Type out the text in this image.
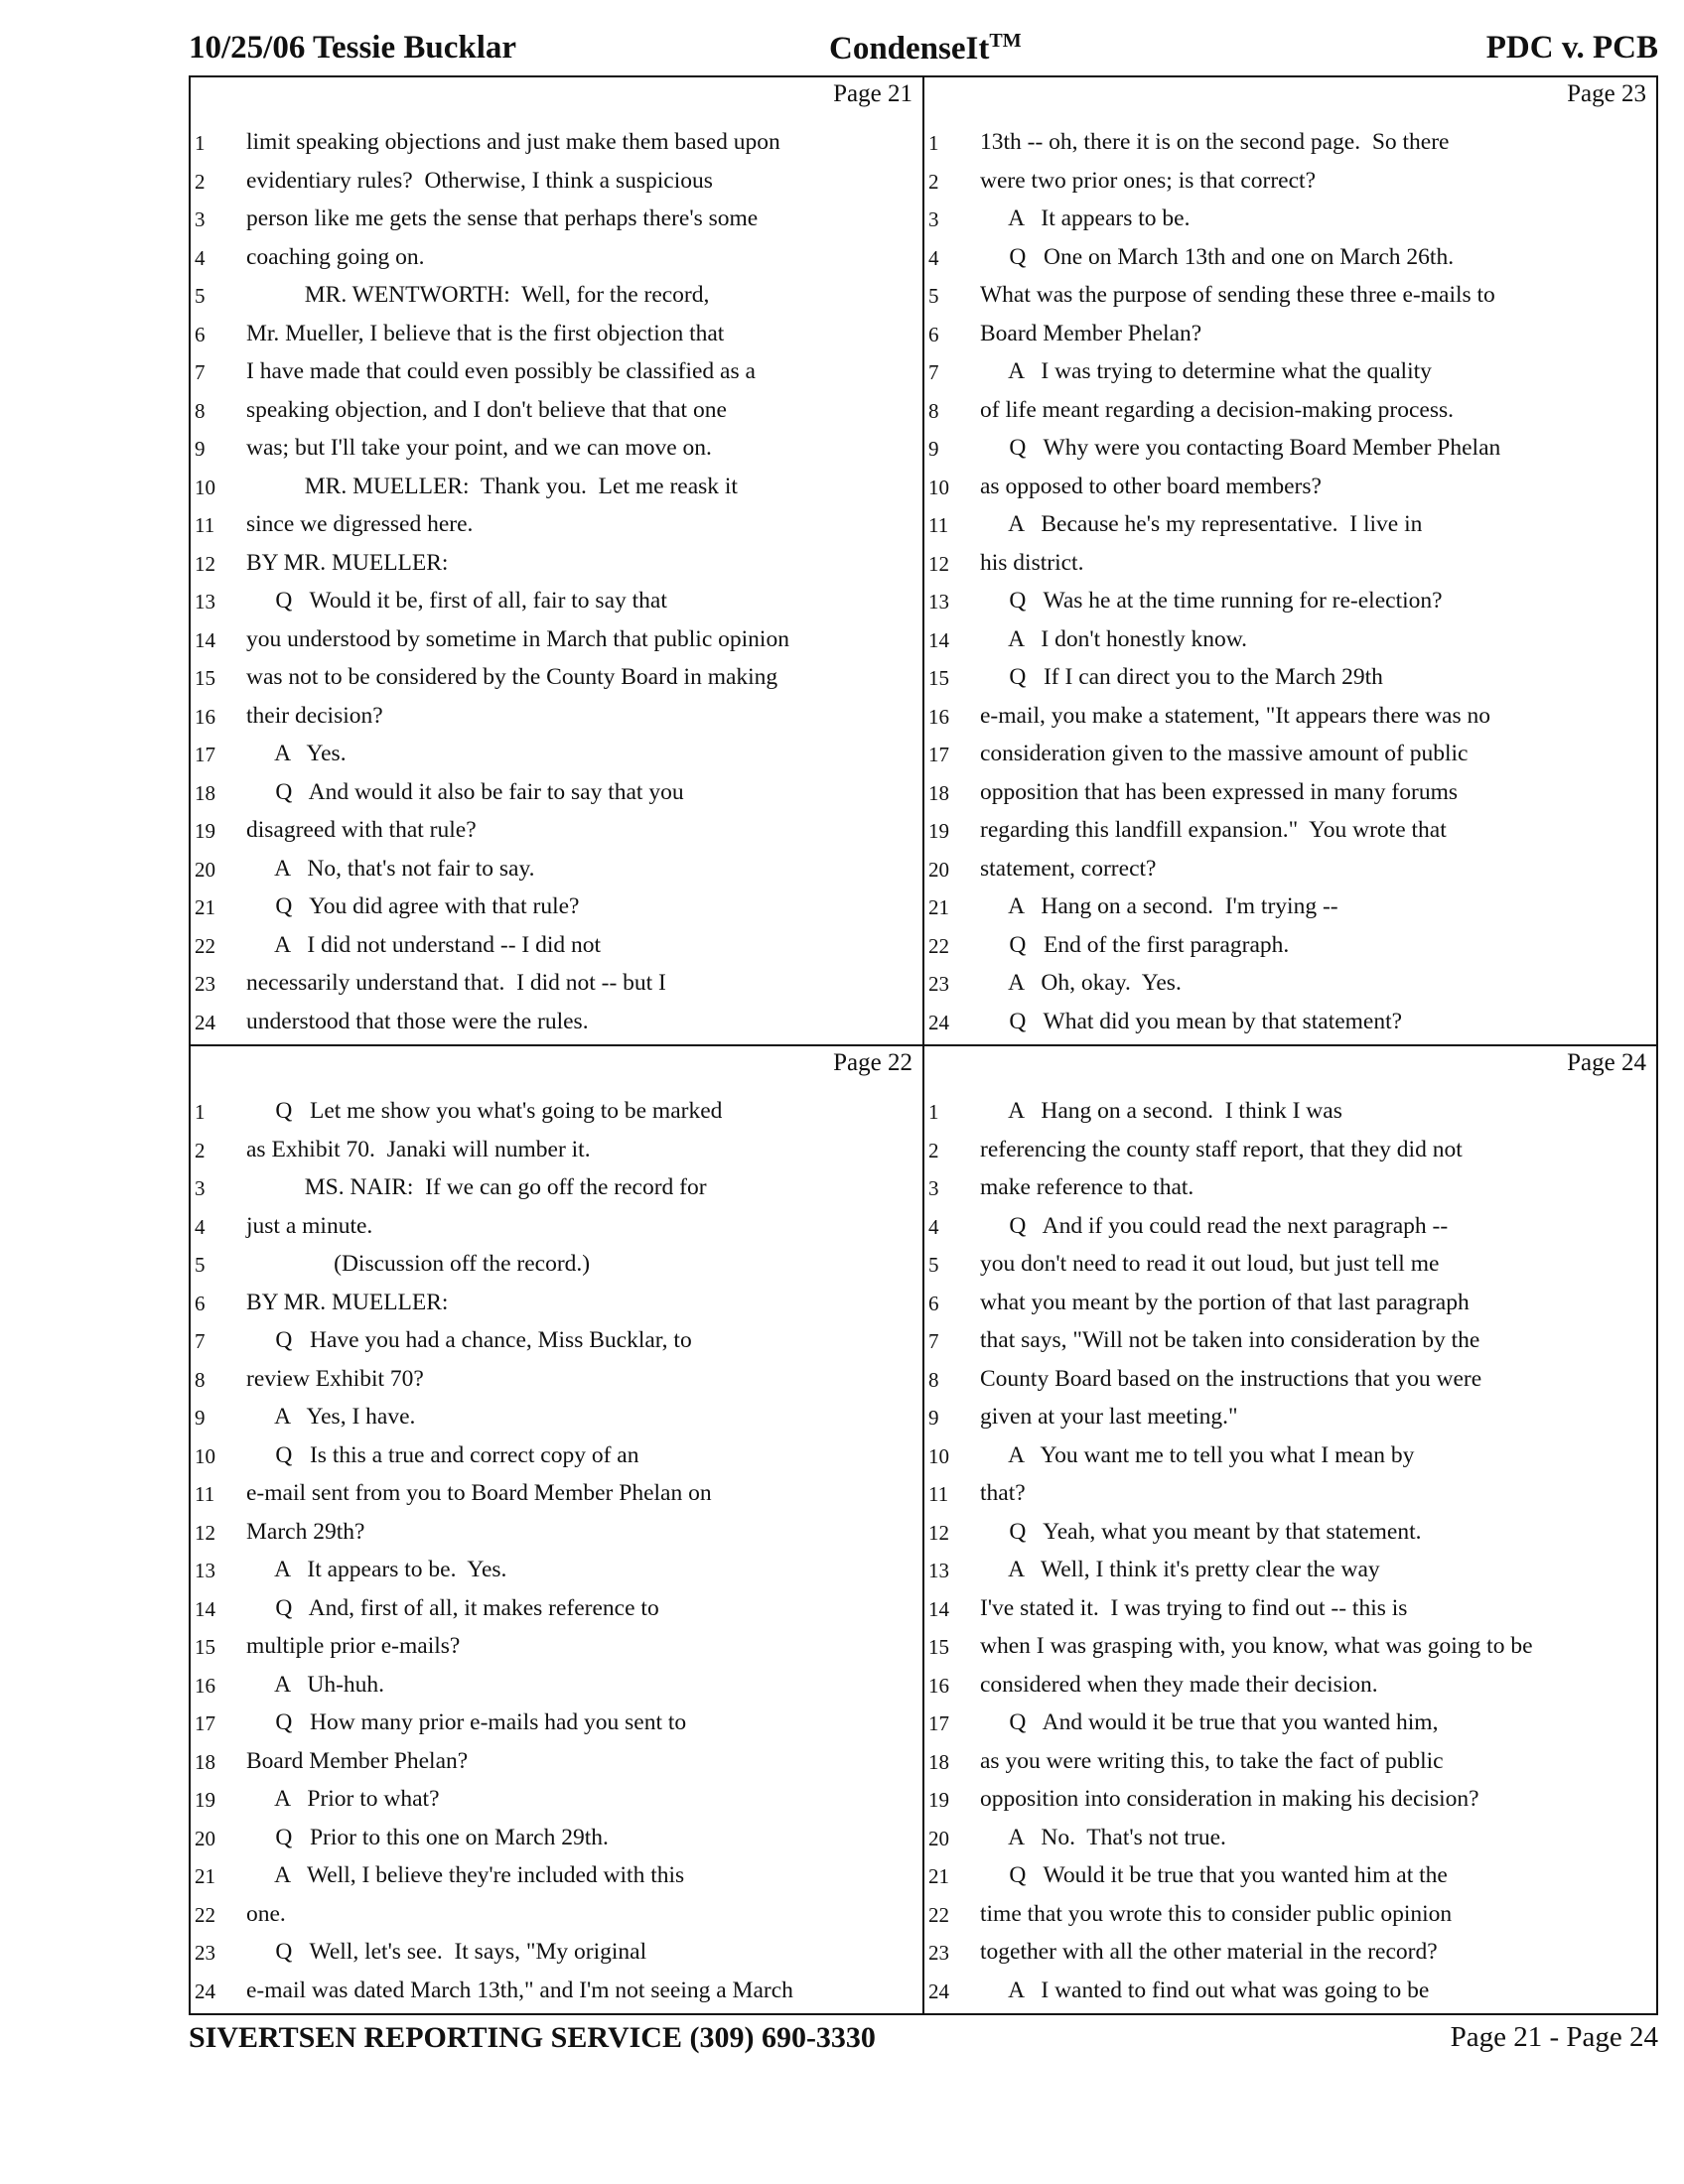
10/25/06 Tessie Bucklar	CondenseIt™	PDC v. PCB
Page 21
1	limit speaking objections and just make them based upon
2	evidentiary rules?  Otherwise, I think a suspicious
3	person like me gets the sense that perhaps there's some
4	coaching going on.
5	MR. WENTWORTH:  Well, for the record,
6	Mr. Mueller, I believe that is the first objection that
7	I have made that could even possibly be classified as a
8	speaking objection, and I don't believe that that one
9	was; but I'll take your point, and we can move on.
10	MR. MUELLER:  Thank you.  Let me reask it
11	since we digressed here.
12	BY MR. MUELLER:
13	Q   Would it be, first of all, fair to say that
14	you understood by sometime in March that public opinion
15	was not to be considered by the County Board in making
16	their decision?
17	A   Yes.
18	Q   And would it also be fair to say that you
19	disagreed with that rule?
20	A   No, that's not fair to say.
21	Q   You did agree with that rule?
22	A   I did not understand -- I did not
23	necessarily understand that.  I did not -- but I
24	understood that those were the rules.
Page 23
1	13th -- oh, there it is on the second page.  So there
2	were two prior ones; is that correct?
3	A   It appears to be.
4	Q   One on March 13th and one on March 26th.
5	What was the purpose of sending these three e-mails to
6	Board Member Phelan?
7	A   I was trying to determine what the quality
8	of life meant regarding a decision-making process.
9	Q   Why were you contacting Board Member Phelan
10	as opposed to other board members?
11	A   Because he's my representative.  I live in
12	his district.
13	Q   Was he at the time running for re-election?
14	A   I don't honestly know.
15	Q   If I can direct you to the March 29th
16	e-mail, you make a statement, "It appears there was no
17	consideration given to the massive amount of public
18	opposition that has been expressed in many forums
19	regarding this landfill expansion."  You wrote that
20	statement, correct?
21	A   Hang on a second.  I'm trying --
22	Q   End of the first paragraph.
23	A   Oh, okay.  Yes.
24	Q   What did you mean by that statement?
Page 22
1	Q   Let me show you what's going to be marked
2	as Exhibit 70.  Janaki will number it.
3	MS. NAIR:  If we can go off the record for
4	just a minute.
5	(Discussion off the record.)
6	BY MR. MUELLER:
7	Q   Have you had a chance, Miss Bucklar, to
8	review Exhibit 70?
9	A   Yes, I have.
10	Q   Is this a true and correct copy of an
11	e-mail sent from you to Board Member Phelan on
12	March 29th?
13	A   It appears to be.  Yes.
14	Q   And, first of all, it makes reference to
15	multiple prior e-mails?
16	A   Uh-huh.
17	Q   How many prior e-mails had you sent to
18	Board Member Phelan?
19	A   Prior to what?
20	Q   Prior to this one on March 29th.
21	A   Well, I believe they're included with this
22	one.
23	Q   Well, let's see.  It says, "My original
24	e-mail was dated March 13th," and I'm not seeing a March
Page 24
1	A   Hang on a second.  I think I was
2	referencing the county staff report, that they did not
3	make reference to that.
4	Q   And if you could read the next paragraph --
5	you don't need to read it out loud, but just tell me
6	what you meant by the portion of that last paragraph
7	that says, "Will not be taken into consideration by the
8	County Board based on the instructions that you were
9	given at your last meeting."
10	A   You want me to tell you what I mean by
11	that?
12	Q   Yeah, what you meant by that statement.
13	A   Well, I think it's pretty clear the way
14	I've stated it.  I was trying to find out -- this is
15	when I was grasping with, you know, what was going to be
16	considered when they made their decision.
17	Q   And would it be true that you wanted him,
18	as you were writing this, to take the fact of public
19	opposition into consideration in making his decision?
20	A   No.  That's not true.
21	Q   Would it be true that you wanted him at the
22	time that you wrote this to consider public opinion
23	together with all the other material in the record?
24	A   I wanted to find out what was going to be
SIVERTSEN REPORTING SERVICE (309) 690-3330	Page 21 - Page 24
